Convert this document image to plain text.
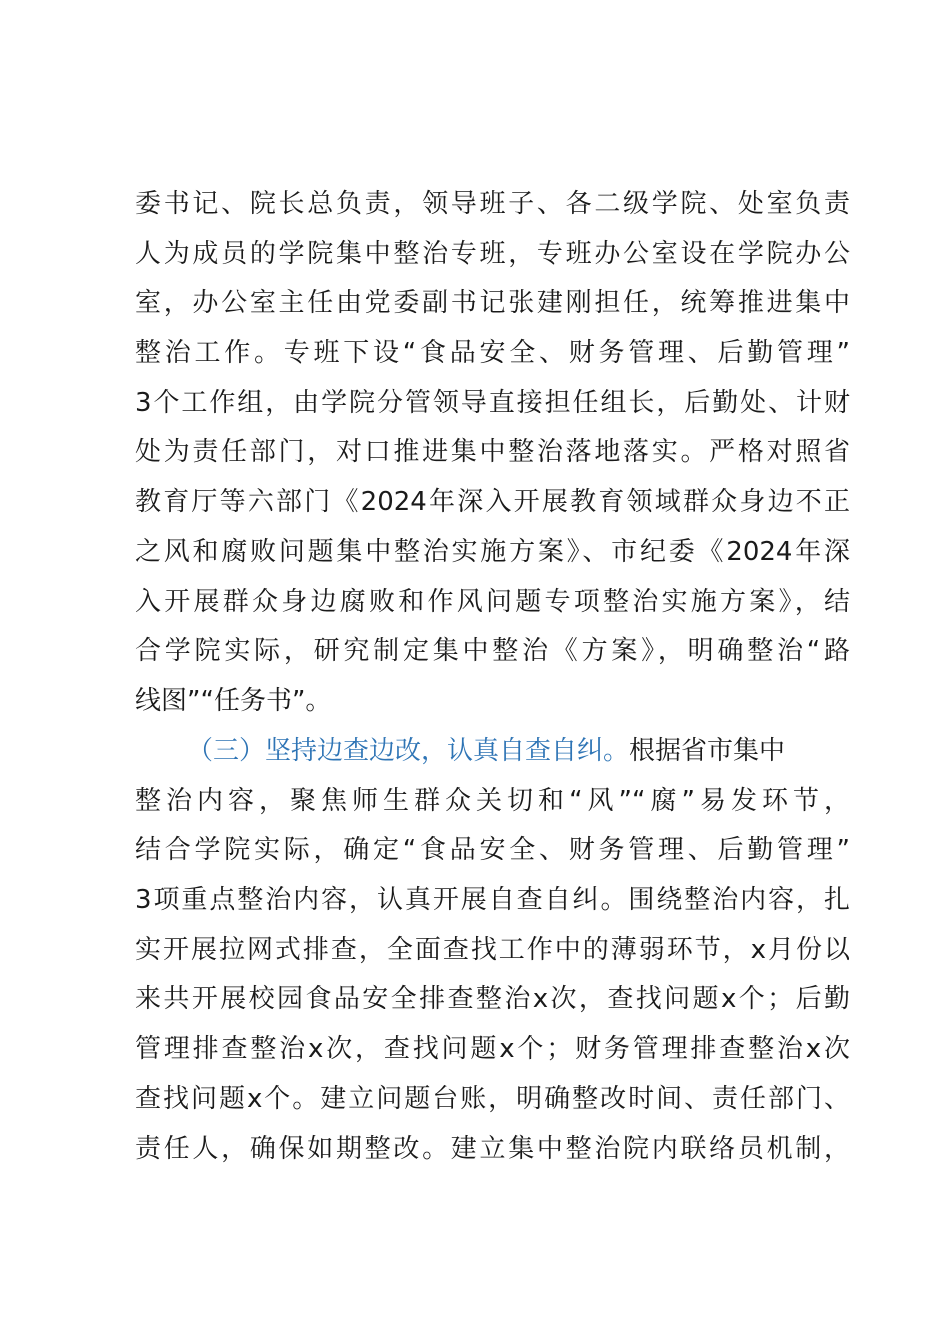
委书记、院长总负责，领导班子、各二级学院、处室负责
人为成员的学院集中整治专班，专班办公室设在学院办公
室，办公室主任由党委副书记张建刚担任，统筹推进集中
整治工作。专班下设“食品安全、财务管理、后勤管理”
3个工作组，由学院分管领导直接担任组长，后勤处、计财
处为责任部门，对口推进集中整治落地落实。严格对照省
教育厅等六部门《2024年深入开展教育领域群众身边不正
之风和腐败问题集中整治实施方案》、市纪委《2024年深
入开展群众身边腐败和作风问题专项整治实施方案》，结
合学院实际，研究制定集中整治《方案》，明确整治“路
线图”“任务书”。
（三）坚持边查边改，认真自查自纠。 根据省市集中
整治内容，聚焦师生群众关切和“风”“腐”易发环节，
结合学院实际，确定“食品安全、财务管理、后勤管理”
3项重点整治内容，认真开展自查自纠。围绕整治内容，扎
实开展拉网式排查，全面查找工作中的薄弱环节，x月份以
来共开展校园食品安全排查整治x次，查找问题x个；后勤
管理排查整治x次，查找问题x个；财务管理排查整治x次
查找问题x个。建立问题台账，明确整改时间、责任部门、
责任人，确保如期整改。建立集中整治院内联络员机制，
